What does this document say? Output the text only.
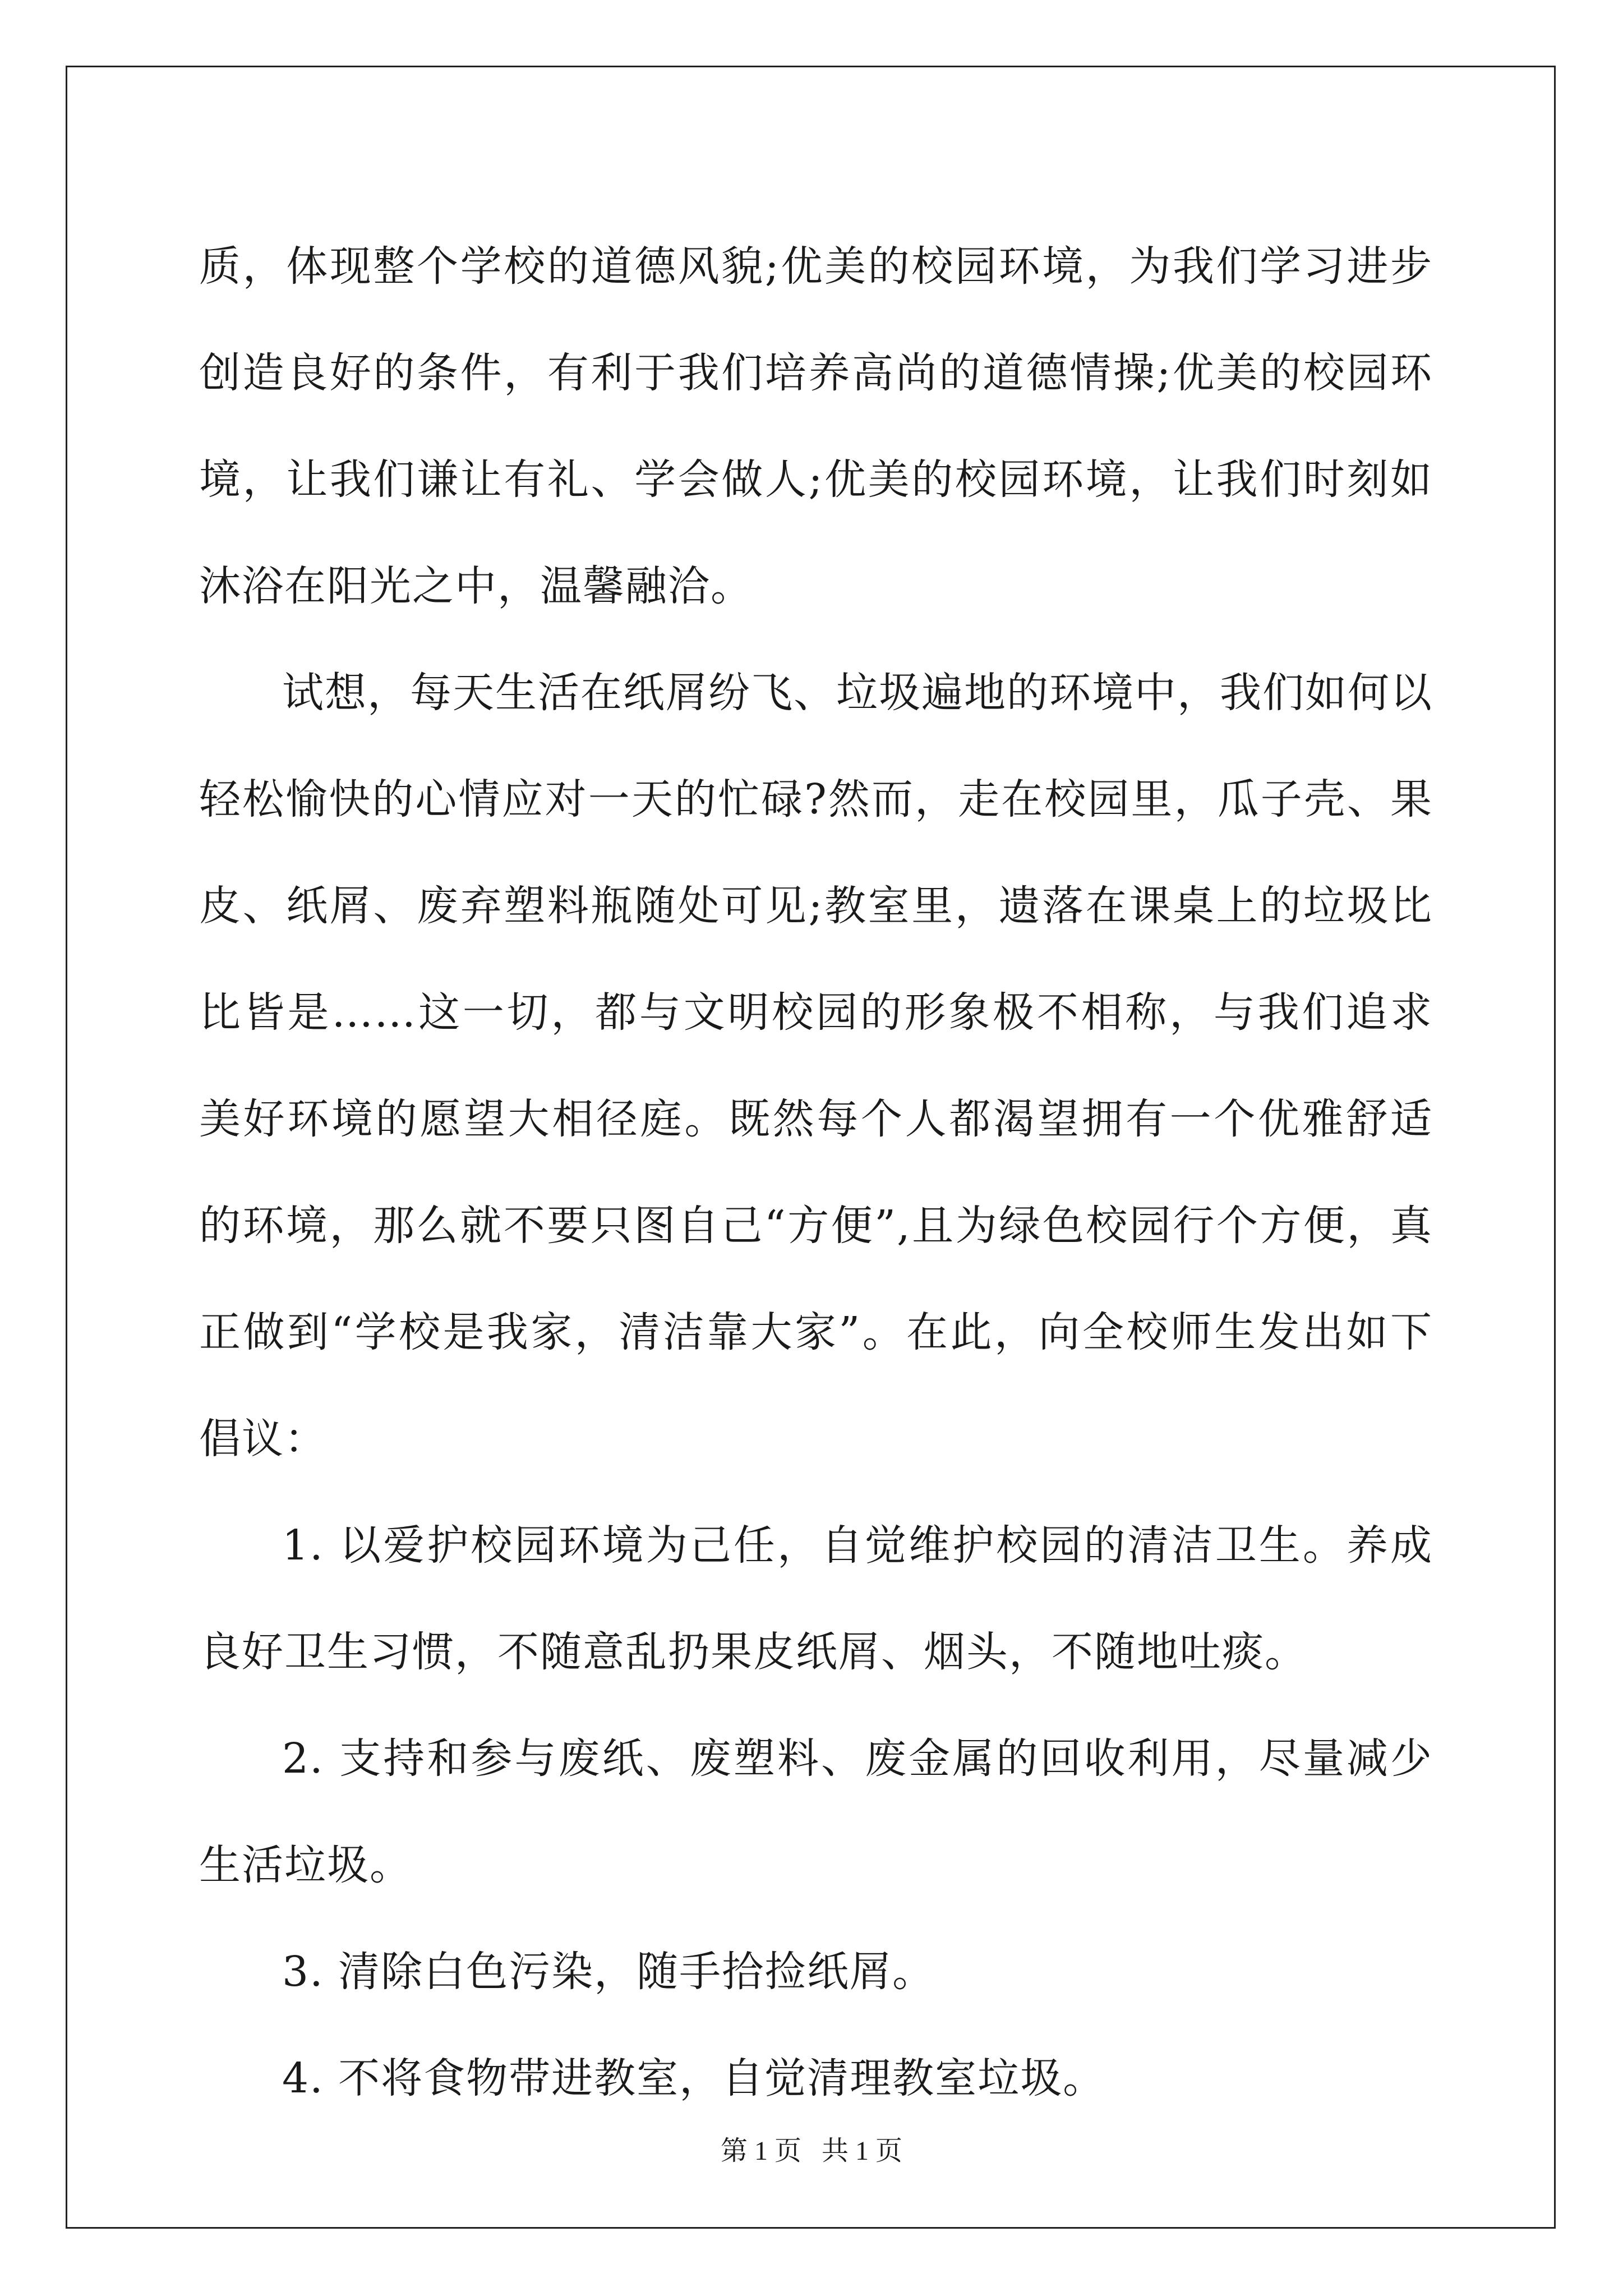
质，体现整个学校的道德风貌;优美的校园环境，为我们学习进步创造良好的条件，有利于我们培养高尚的道德情操;优美的校园环境，让我们谦让有礼、学会做人;优美的校园环境，让我们时刻如沐浴在阳光之中，温馨融洽。

试想，每天生活在纸屑纷飞、垃圾遍地的环境中，我们如何以轻松愉快的心情应对一天的忙碌?然而，走在校园里，瓜子壳、果皮、纸屑、废弃塑料瓶随处可见;教室里，遗落在课桌上的垃圾比比皆是……这一切，都与文明校园的形象极不相称，与我们追求美好环境的愿望大相径庭。既然每个人都渴望拥有一个优雅舒适的环境，那么就不要只图自己“方便”,且为绿色校园行个方便，真正做到“学校是我家，清洁靠大家”。在此，向全校师生发出如下倡议：

1. 以爱护校园环境为己任，自觉维护校园的清洁卫生。养成良好卫生习惯，不随意乱扔果皮纸屑、烟头，不随地吐痰。

2. 支持和参与废纸、废塑料、废金属的回收利用，尽量减少生活垃圾。

3. 清除白色污染，随手拾捡纸屑。

4. 不将食物带进教室，自觉清理教室垃圾。

第 1 页   共 1 页
